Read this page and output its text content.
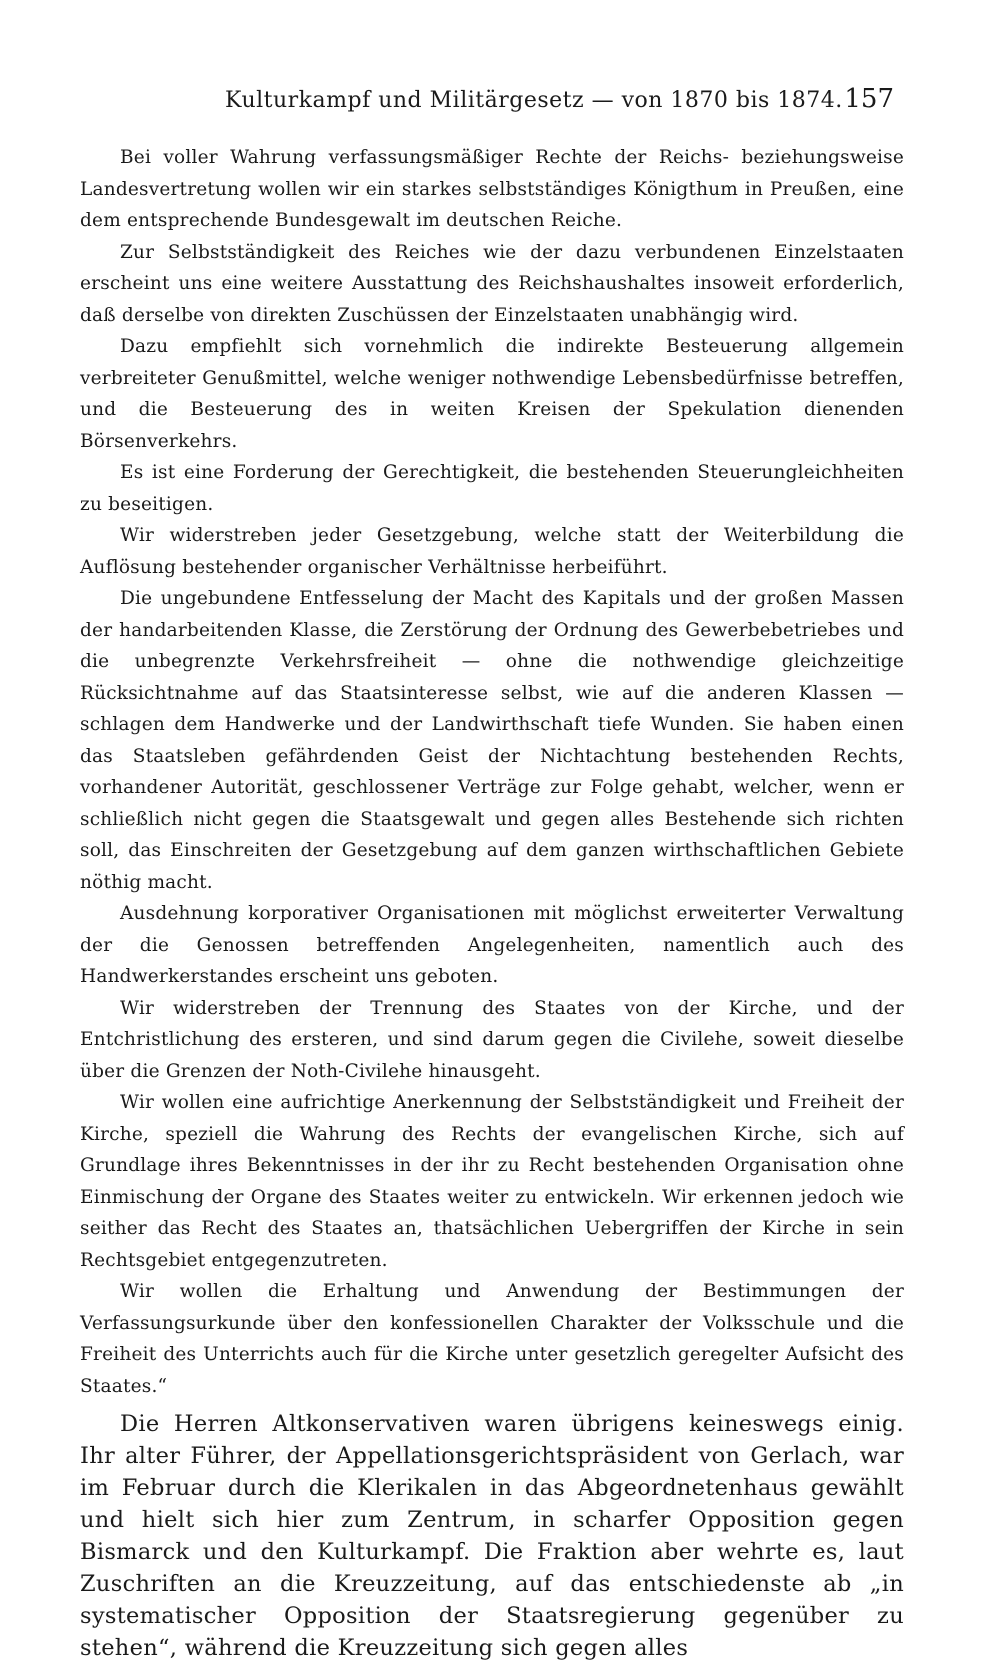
Kulturkampf und Militärgesetz — von 1870 bis 1874. 157

Bei voller Wahrung verfassungsmäßiger Rechte der Reichs- beziehungsweise Landesvertretung wollen wir ein starkes selbstständiges Königthum in Preußen, eine dem entsprechende Bundesgewalt im deutschen Reiche.

Zur Selbstständigkeit des Reiches wie der dazu verbundenen Einzelstaaten erscheint uns eine weitere Ausstattung des Reichshaushaltes insoweit erforderlich, daß derselbe von direkten Zuschüssen der Einzelstaaten unabhängig wird.

Dazu empfiehlt sich vornehmlich die indirekte Besteuerung allgemein verbreiteter Genußmittel, welche weniger nothwendige Lebensbedürfnisse betreffen, und die Besteuerung des in weiten Kreisen der Spekulation dienenden Börsenverkehrs.

Es ist eine Forderung der Gerechtigkeit, die bestehenden Steuerungleichheiten zu beseitigen.

Wir widerstreben jeder Gesetzgebung, welche statt der Weiterbildung die Auflösung bestehender organischer Verhältnisse herbeiführt.

Die ungebundene Entfesselung der Macht des Kapitals und der großen Massen der handarbeitenden Klasse, die Zerstörung der Ordnung des Gewerbebetriebes und die unbegrenzte Verkehrsfreiheit — ohne die nothwendige gleichzeitige Rücksichtnahme auf das Staatsinteresse selbst, wie auf die anderen Klassen — schlagen dem Handwerke und der Landwirthschaft tiefe Wunden. Sie haben einen das Staatsleben gefährdenden Geist der Nichtachtung bestehenden Rechts, vorhandener Autorität, geschlossener Verträge zur Folge gehabt, welcher, wenn er schließlich nicht gegen die Staatsgewalt und gegen alles Bestehende sich richten soll, das Einschreiten der Gesetzgebung auf dem ganzen wirthschaftlichen Gebiete nöthig macht.

Ausdehnung korporativer Organisationen mit möglichst erweiterter Verwaltung der die Genossen betreffenden Angelegenheiten, namentlich auch des Handwerkerstandes erscheint uns geboten.

Wir widerstreben der Trennung des Staates von der Kirche, und der Entchristlichung des ersteren, und sind darum gegen die Civilehe, soweit dieselbe über die Grenzen der Noth-Civilehe hinausgeht.

Wir wollen eine aufrichtige Anerkennung der Selbstständigkeit und Freiheit der Kirche, speziell die Wahrung des Rechts der evangelischen Kirche, sich auf Grundlage ihres Bekenntnisses in der ihr zu Recht bestehenden Organisation ohne Einmischung der Organe des Staates weiter zu entwickeln. Wir erkennen jedoch wie seither das Recht des Staates an, thatsächlichen Uebergriffen der Kirche in sein Rechtsgebiet entgegenzutreten.

Wir wollen die Erhaltung und Anwendung der Bestimmungen der Verfassungsurkunde über den konfessionellen Charakter der Volksschule und die Freiheit des Unterrichts auch für die Kirche unter gesetzlich geregelter Aufsicht des Staates.“

Die Herren Altkonservativen waren übrigens keineswegs einig. Ihr alter Führer, der Appellationsgerichtspräsident von Gerlach, war im Februar durch die Klerikalen in das Abgeordnetenhaus gewählt und hielt sich hier zum Zentrum, in scharfer Opposition gegen Bismarck und den Kulturkampf. Die Fraktion aber wehrte es, laut Zuschriften an die Kreuzzeitung, auf das entschiedenste ab „in systematischer Opposition der Staatsregierung gegenüber zu stehen“, während die Kreuzzeitung sich gegen alles
